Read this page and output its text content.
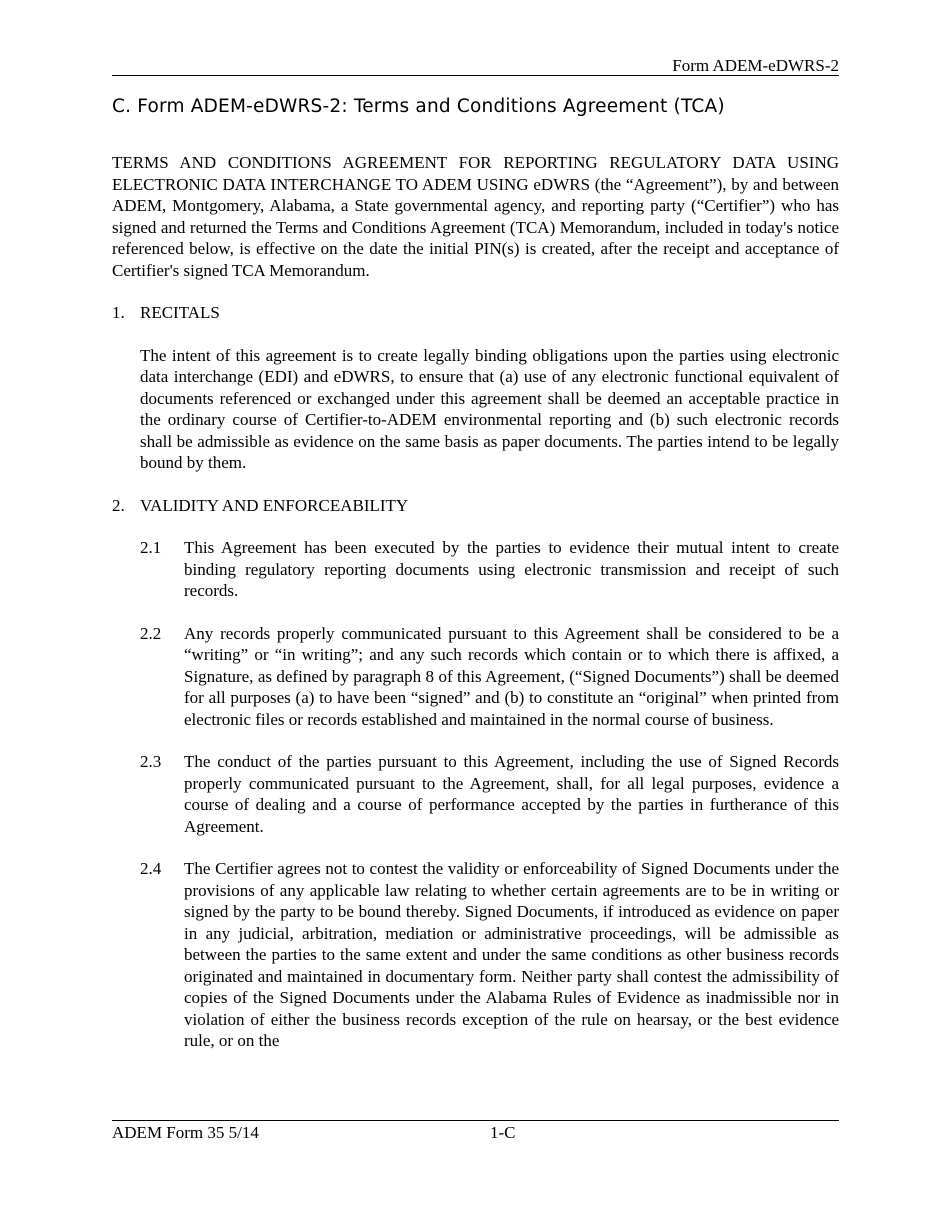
Form ADEM-eDWRS-2
C. Form ADEM-eDWRS-2: Terms and Conditions Agreement (TCA)

TERMS AND CONDITIONS AGREEMENT FOR REPORTING REGULATORY DATA USING ELECTRONIC DATA INTERCHANGE TO ADEM USING eDWRS (the “Agreement”), by and between ADEM, Montgomery, Alabama, a State governmental agency, and reporting party (“Certifier”) who has signed and returned the Terms and Conditions Agreement (TCA) Memorandum, included in today's notice referenced below, is effective on the date the initial PIN(s) is created, after the receipt and acceptance of Certifier's signed TCA Memorandum.

1. RECITALS

The intent of this agreement is to create legally binding obligations upon the parties using electronic data interchange (EDI) and eDWRS, to ensure that (a) use of any electronic functional equivalent of documents referenced or exchanged under this agreement shall be deemed an acceptable practice in the ordinary course of Certifier-to-ADEM environmental reporting and (b) such electronic records shall be admissible as evidence on the same basis as paper documents. The parties intend to be legally bound by them.

2. VALIDITY AND ENFORCEABILITY
2.1	This Agreement has been executed by the parties to evidence their mutual intent to create binding regulatory reporting documents using electronic transmission and receipt of such records.

2.2	Any records properly communicated pursuant to this Agreement shall be considered to be a “writing” or “in writing”; and any such records which contain or to which there is affixed, a Signature, as defined by paragraph 8 of this Agreement, (“Signed Documents”) shall be deemed for all purposes (a) to have been “signed” and (b) to constitute an “original” when printed from electronic files or records established and maintained in the normal course of business.

2.3	The conduct of the parties pursuant to this Agreement, including the use of Signed Records properly communicated pursuant to the Agreement, shall, for all legal purposes, evidence a course of dealing and a course of performance accepted by the parties in furtherance of this Agreement.

2.4	The Certifier agrees not to contest the validity or enforceability of Signed Documents under the provisions of any applicable law relating to whether certain agreements are to be in writing or signed by the party to be bound thereby. Signed Documents, if introduced as evidence on paper in any judicial, arbitration, mediation or administrative proceedings, will be admissible as between the parties to the same extent and under the same conditions as other business records originated and maintained in documentary form. Neither party shall contest the admissibility of copies of the Signed Documents under the Alabama Rules of Evidence as inadmissible nor in violation of either the business records exception of the rule on hearsay, or the best evidence rule, or on the

ADEM Form 35 5/14	1-C
